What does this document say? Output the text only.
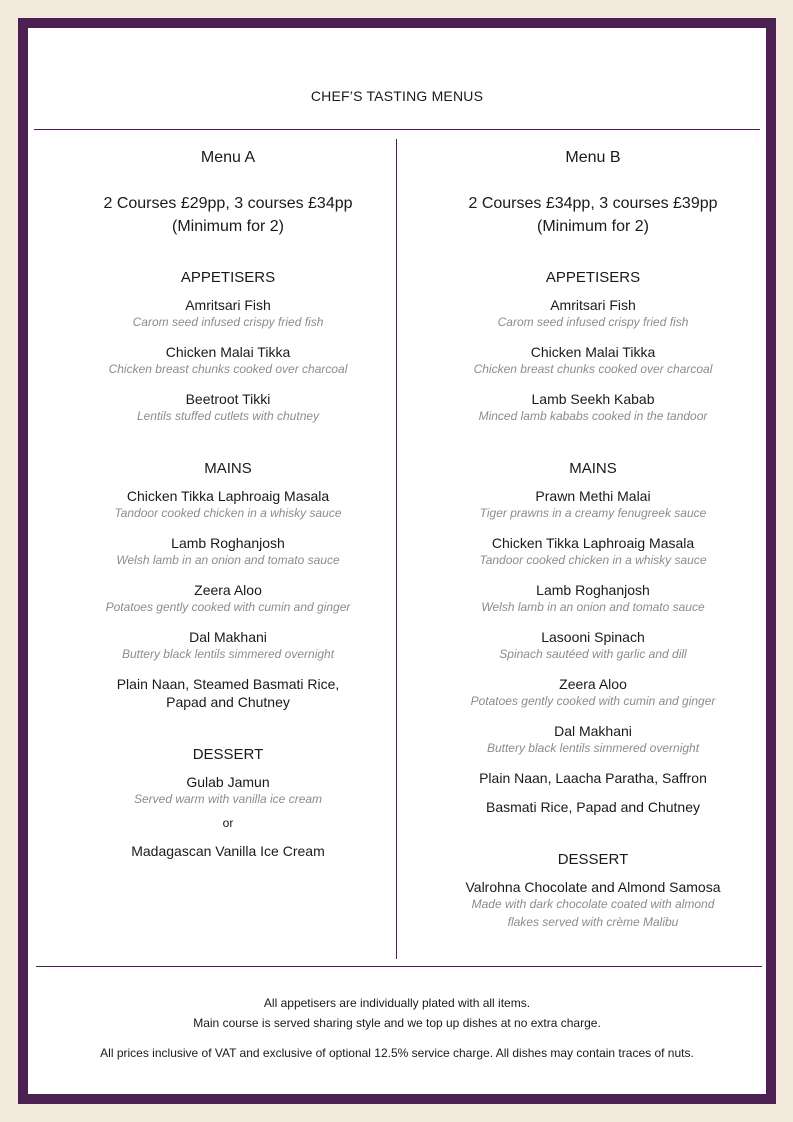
CHEF’S TASTING MENUS
Menu A
2 Courses £29pp, 3 courses £34pp
(Minimum for 2)
APPETISERS
Amritsari Fish
Carom seed infused crispy fried fish
Chicken Malai Tikka
Chicken breast chunks cooked over charcoal
Beetroot Tikki
Lentils stuffed cutlets with chutney
MAINS
Chicken Tikka Laphroaig Masala
Tandoor cooked chicken in a whisky sauce
Lamb Roghanjosh
Welsh lamb in an onion and tomato sauce
Zeera Aloo
Potatoes gently cooked with cumin and ginger
Dal Makhani
Buttery black lentils simmered overnight
Plain Naan, Steamed Basmati Rice,
Papad and Chutney
DESSERT
Gulab Jamun
Served warm with vanilla ice cream
or
Madagascan Vanilla Ice Cream
Menu B
2 Courses £34pp, 3 courses £39pp
(Minimum for 2)
APPETISERS
Amritsari Fish
Carom seed infused crispy fried fish
Chicken Malai Tikka
Chicken breast chunks cooked over charcoal
Lamb Seekh Kabab
Minced lamb kababs cooked in the tandoor
MAINS
Prawn Methi Malai
Tiger prawns in a creamy fenugreek sauce
Chicken Tikka Laphroaig Masala
Tandoor cooked chicken in a whisky sauce
Lamb Roghanjosh
Welsh lamb in an onion and tomato sauce
Lasooni Spinach
Spinach sautéed with garlic and dill
Zeera Aloo
Potatoes gently cooked with cumin and ginger
Dal Makhani
Buttery black lentils simmered overnight
Plain Naan, Laacha Paratha, Saffron
Basmati Rice, Papad and Chutney
DESSERT
Valrohna Chocolate and Almond Samosa
Made with dark chocolate coated with almond
flakes served with crème Malibu
All appetisers are individually plated with all items.
Main course is served sharing style and we top up dishes at no extra charge.
All prices inclusive of VAT and exclusive of optional 12.5% service charge. All dishes may contain traces of nuts.
